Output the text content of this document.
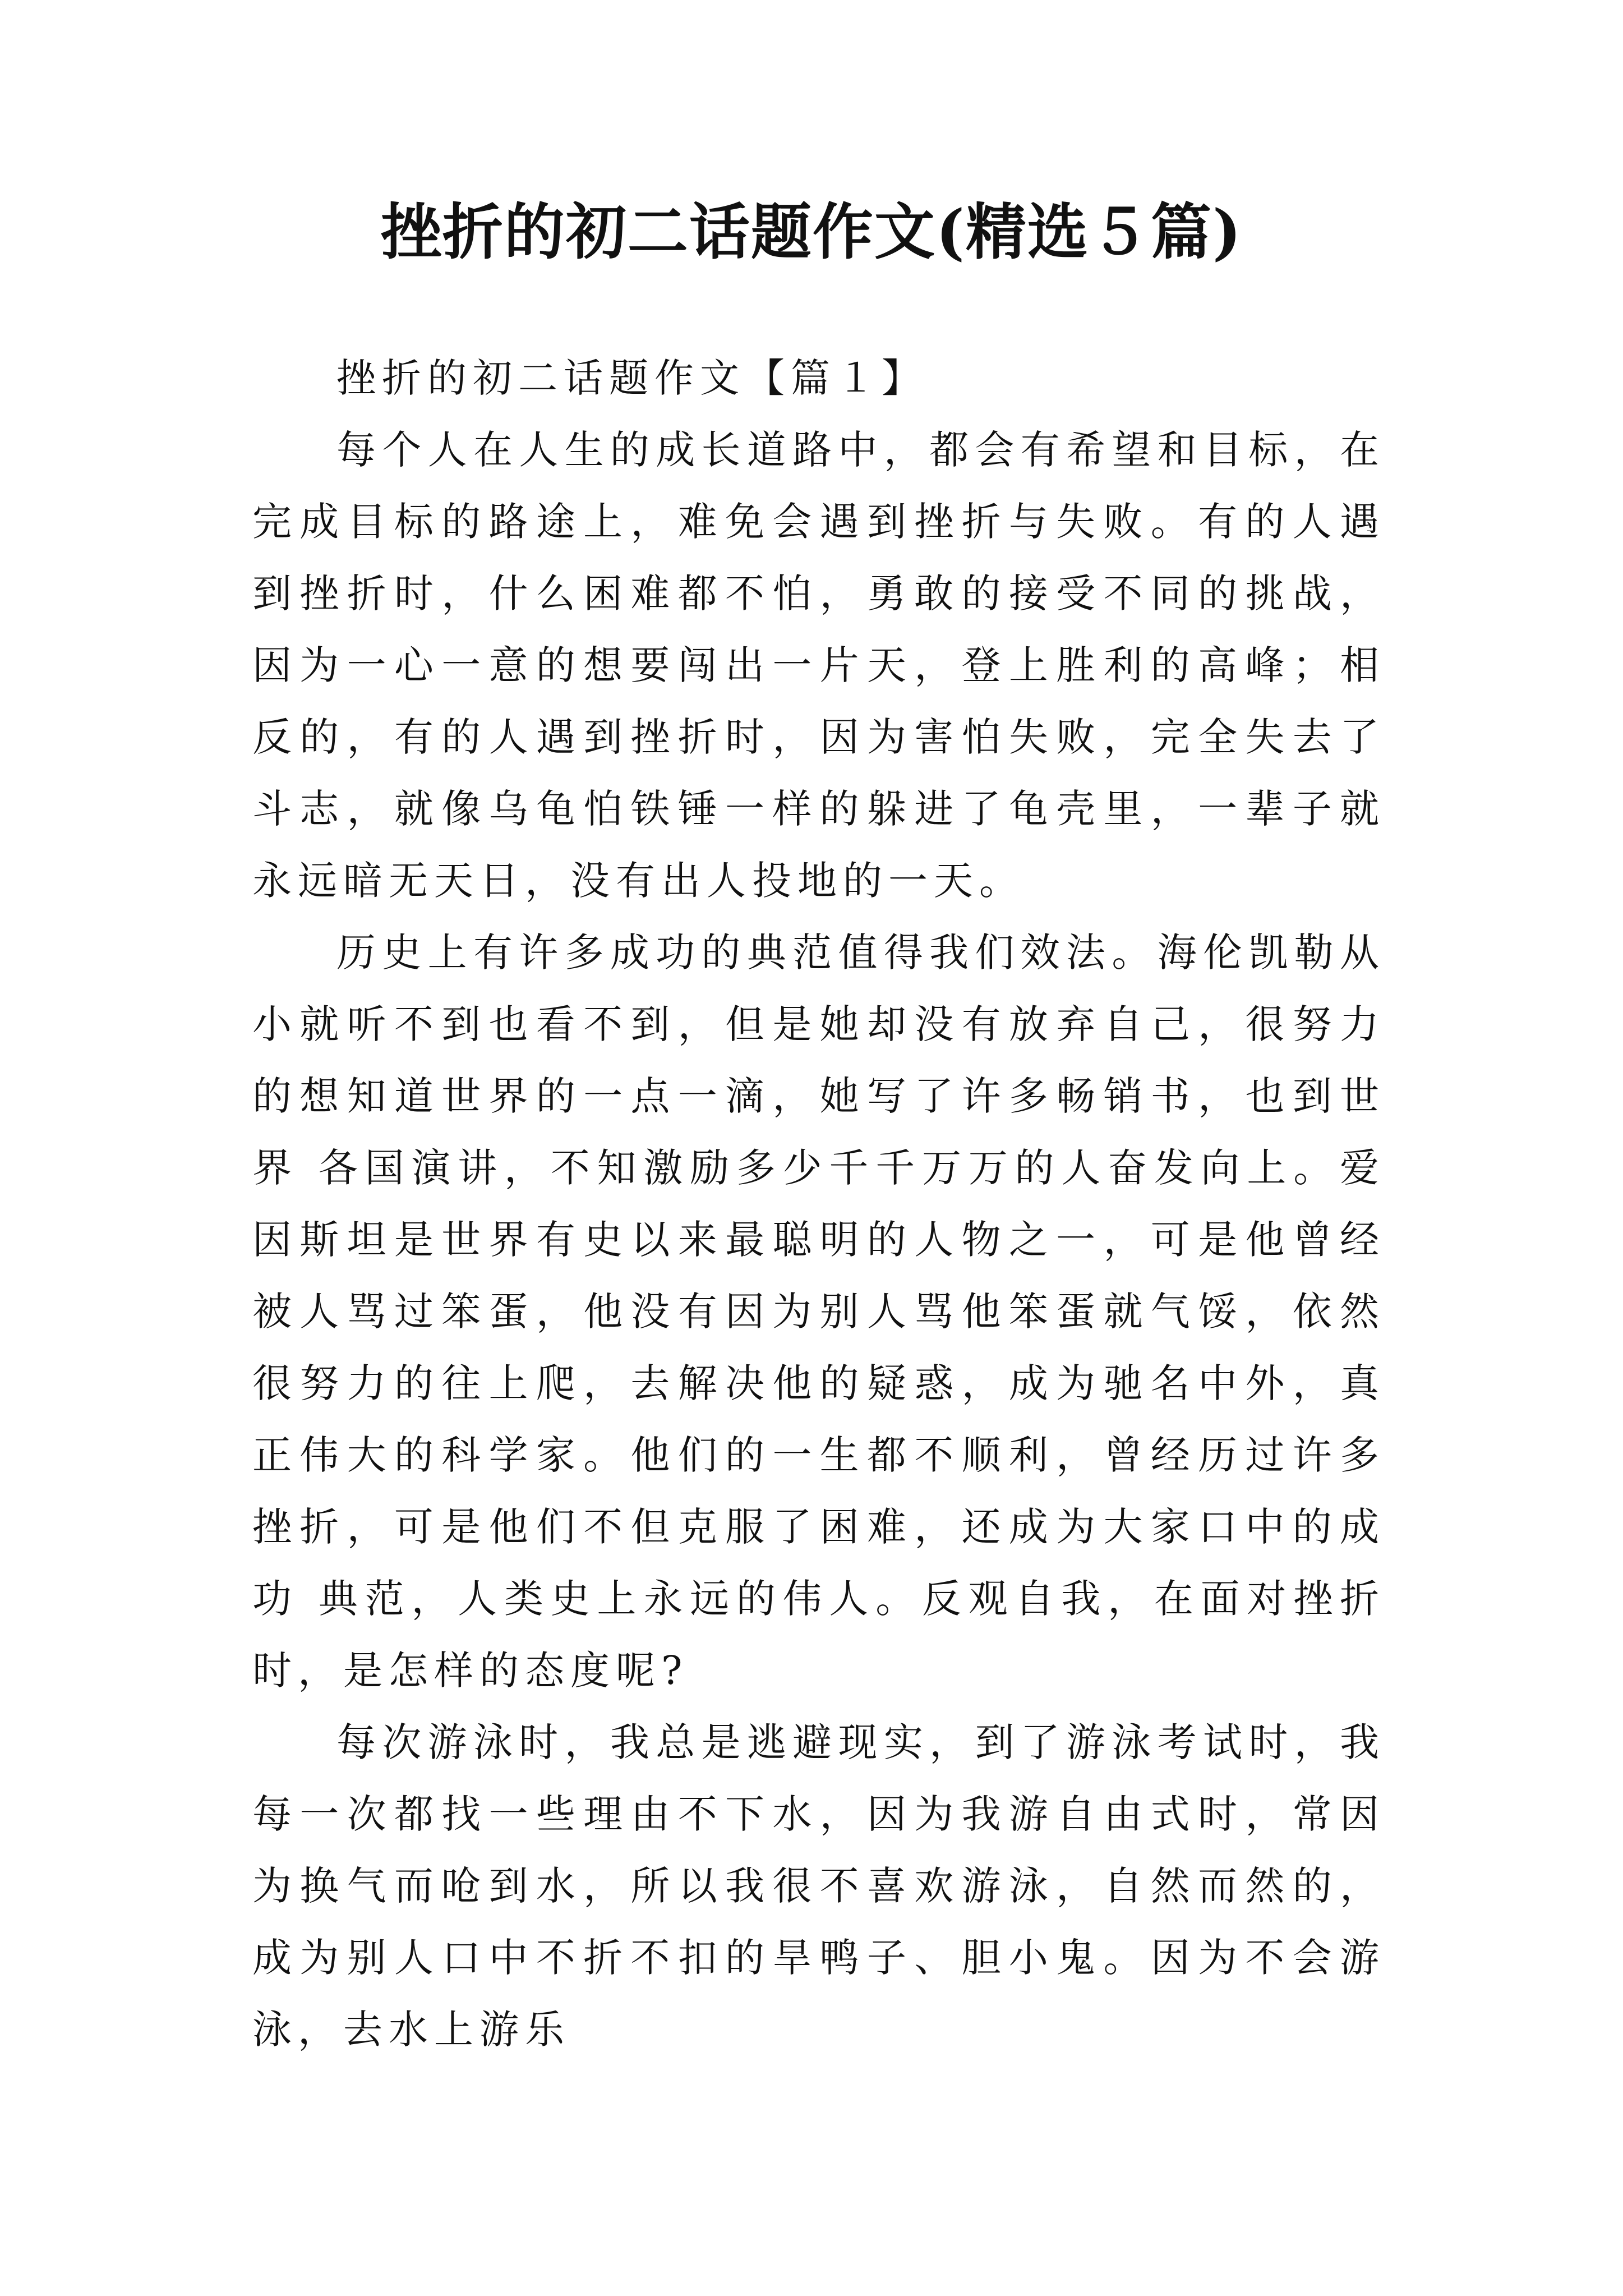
挫折的初二话题作文(精选５篇)

挫折的初二话题作文【篇１】

每个人在人生的成长道路中，都会有希望和目标，在完成目标的路途上，难免会遇到挫折与失败。有的人遇到挫折时，什么困难都不怕，勇敢的接受不同的挑战，因为一心一意的想要闯出一片天，登上胜利的高峰；相反的，有的人遇到挫折时，因为害怕失败，完全失去了斗志，就像乌龟怕铁锤一样的躲进了龟壳里，一辈子就永远暗无天日，没有出人投地的一天。

历史上有许多成功的典范值得我们效法。海伦凯勒从小就听不到也看不到，但是她却没有放弃自己，很努力的想知道世界的一点一滴，她写了许多畅销书，也到世界 各国演讲，不知激励多少千千万万的人奋发向上。爱因斯坦是世界有史以来最聪明的人物之一，可是他曾经被人骂过笨蛋，他没有因为别人骂他笨蛋就气馁，依然很努力的往上爬，去解决他的疑惑，成为驰名中外，真正伟大的科学家。他们的一生都不顺利，曾经历过许多挫折，可是他们不但克服了困难，还成为大家口中的成功 典范，人类史上永远的伟人。反观自我，在面对挫折时，是怎样的态度呢?

每次游泳时，我总是逃避现实，到了游泳考试时，我每一次都找一些理由不下水，因为我游自由式时，常因为换气而呛到水，所以我很不喜欢游泳，自然而然的，成为别人口中不折不扣的旱鸭子、胆小鬼。因为不会游泳，去水上游乐
